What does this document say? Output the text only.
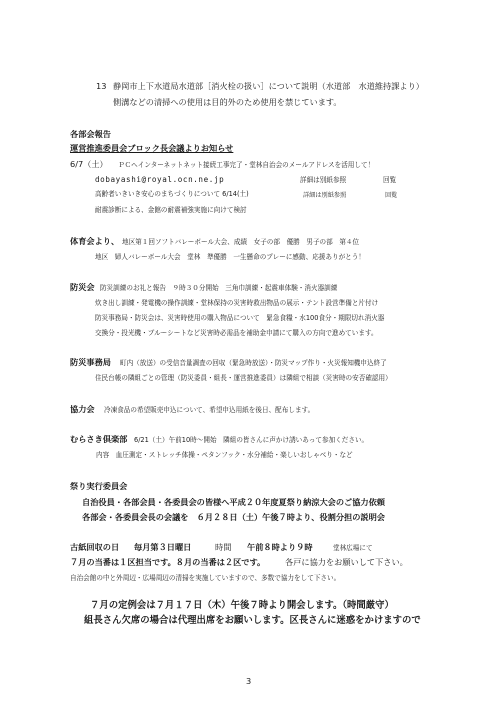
13 静岡市上下水道局水道部［消火栓の扱い］について説明（水道部　水道維持課より）
側溝などの清掃への使用は目的外のため使用を禁じています。
各部会報告
運営推進委員会ブロック長会議よりお知らせ
6/7（土） ＰＣヘインターネットネット接続工事完了・堂林自治会のメールアドレスを活用して！
dobayashi@royal.ocn.ne.jp	詳細は別紙参照	回覧
高齢者いきいき安心のまちづくりについて 6/14(土)	詳細は別紙参照	回覧
耐震診断による、金館の耐震補強実施に向けて検討
体育会より、 地区第１回ソフトバレーボール大会、成績　女子の部　優勝　男子の部　第４位
地区　婦人バレーボール大会　堂林　準優勝　一生懸命のプレーに感動、応援ありがとう！
防災会 防災訓練のお礼と報告　９時３０分開始　三角巾訓練・起震車体験・消火器訓練
炊き出し訓練・発電機の操作訓練・堂林保持の災害時救出物品の展示・テント設営準備と片付け
防災事務局・防災会は、災害時使用の購入物品について　緊急食糧・水100食分・期限切れ消火器
交換分・投光機・ブルーシートなど災害時必需品を補助金申請にて購入の方向で進めています。
防災事務局 町内（放送）の受信音量調査の回収（緊急時放送）・防災マップ作り・火災報知機申込終了
住民台帳の隣組ごとの管理（防災委員・組長・運営推進委員）は隣組で相談（災害時の安否確認用）
協力会 冷凍食品の希望販売申込について、希望申込用紙を後日、配布します。
むらさき倶楽部 6/21（土）午前10時～開始　隣組の皆さんに声かけ誘いあって参加ください。
内容　血圧測定・ストレッチ体操・ペタンフック・水分補給・楽しいおしゃべり・など
祭り実行委員会
自治役員・各部会員・各委員会の皆様へ平成２０年度夏祭り納涼大会のご協力依頼
各部会・各委員会長の会議を　６月２８日（土）午後７時より、役割分担の説明会
古紙回収の日 毎月第３日曜日	時間 午前８時より９時	堂林広場にて
７月の当番は１区担当です。８月の当番は２区です。 各戸に協力をお願いして下さい。
自治会館の中と外周辺・広場周辺の清掃を実施していますので、多数で協力をして下さい。
７月の定例会は７月１７日（木）午後７時より開会します。（時間厳守）
組長さん欠席の場合は代理出席をお願いします。区長さんに迷惑をかけますので
3
